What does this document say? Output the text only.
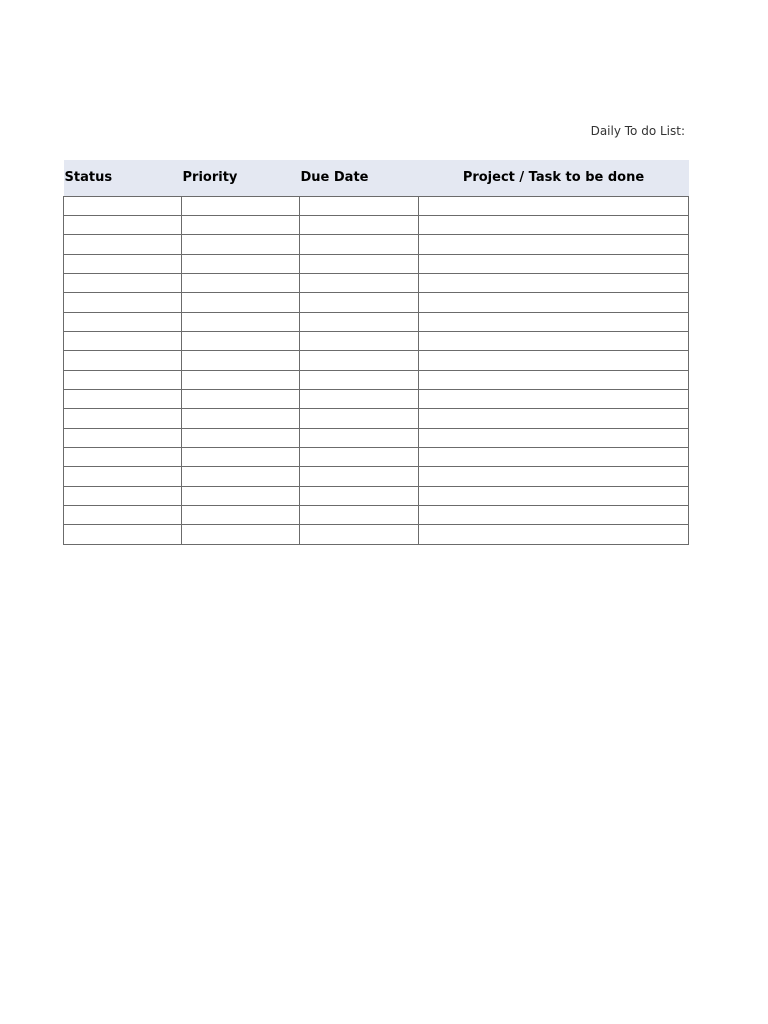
Daily To do List:
Status	Priority	Due Date	Project / Task to be done
